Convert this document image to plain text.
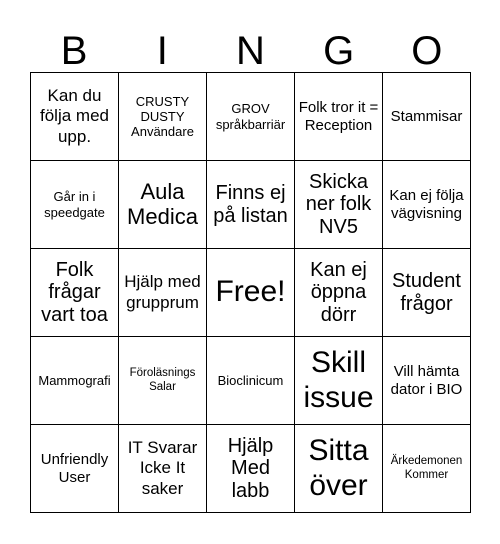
B	I	N	G	O
Kan du följa med upp.
CRUSTY DUSTY Användare
GROV språkbarriär
Folk tror it = Reception
Stammisar
Går in i speedgate
Aula Medica
Finns ej på listan
Skicka ner folk NV5
Kan ej följa vägvisning
Folk frågar vart toa
Hjälp med grupprum Free!
Kan ej öppna dörr
Student frågor
Mammografi	Föroläsnings Salar	Bioclinicum
Skill issue
Vill hämta dator i BIO
Unfriendly User
IT Svarar Icke It saker
Hjälp Med labb
Sitta över
Ärkedemonen Kommer
